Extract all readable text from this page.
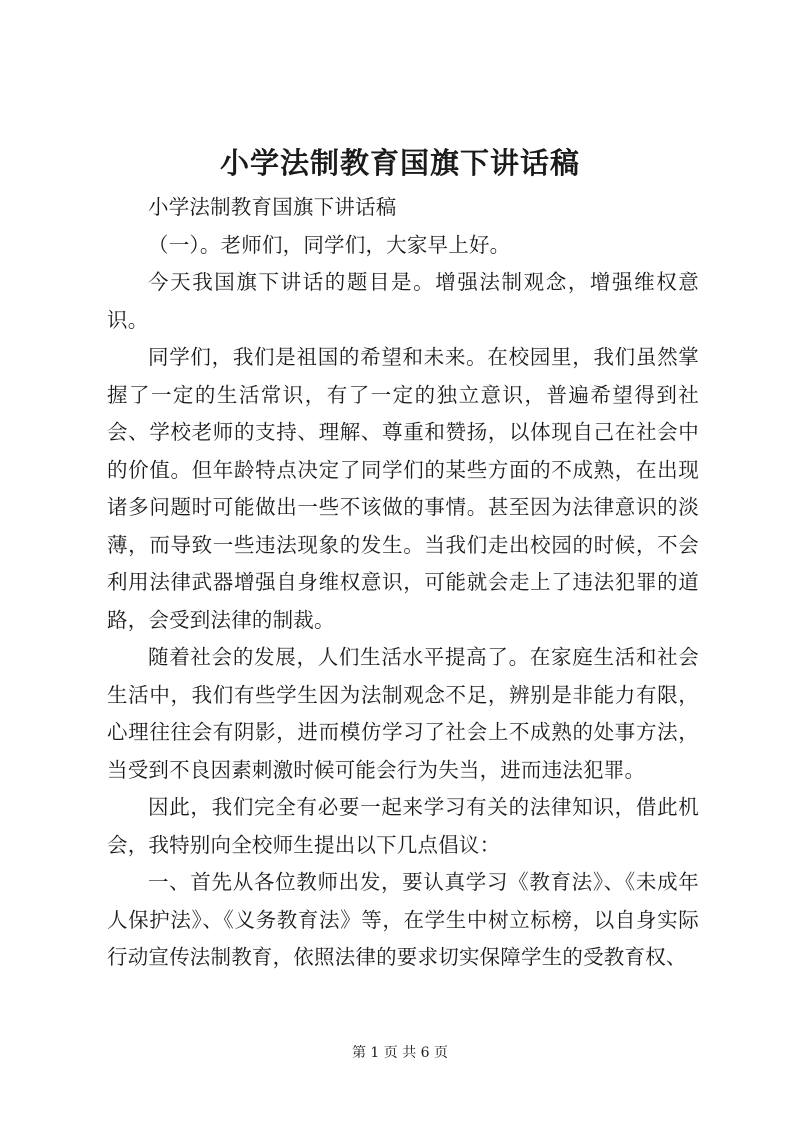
小学法制教育国旗下讲话稿

小学法制教育国旗下讲话稿

（一）。老师们，同学们，大家早上好。

今天我国旗下讲话的题目是。增强法制观念，增强维权意识。

同学们，我们是祖国的希望和未来。在校园里，我们虽然掌握了一定的生活常识，有了一定的独立意识，普遍希望得到社会、学校老师的支持、理解、尊重和赞扬，以体现自己在社会中的价值。但年龄特点决定了同学们的某些方面的不成熟，在出现诸多问题时可能做出一些不该做的事情。甚至因为法律意识的淡薄，而导致一些违法现象的发生。当我们走出校园的时候，不会利用法律武器增强自身维权意识，可能就会走上了违法犯罪的道路，会受到法律的制裁。

随着社会的发展，人们生活水平提高了。在家庭生活和社会生活中，我们有些学生因为法制观念不足，辨别是非能力有限，心理往往会有阴影，进而模仿学习了社会上不成熟的处事方法，当受到不良因素刺激时候可能会行为失当，进而违法犯罪。

因此，我们完全有必要一起来学习有关的法律知识，借此机会，我特别向全校师生提出以下几点倡议：

一、首先从各位教师出发，要认真学习《教育法》、《未成年人保护法》、《义务教育法》等，在学生中树立标榜，以自身实际行动宣传法制教育，依照法律的要求切实保障学生的受教育权、

第 1 页 共 6 页
